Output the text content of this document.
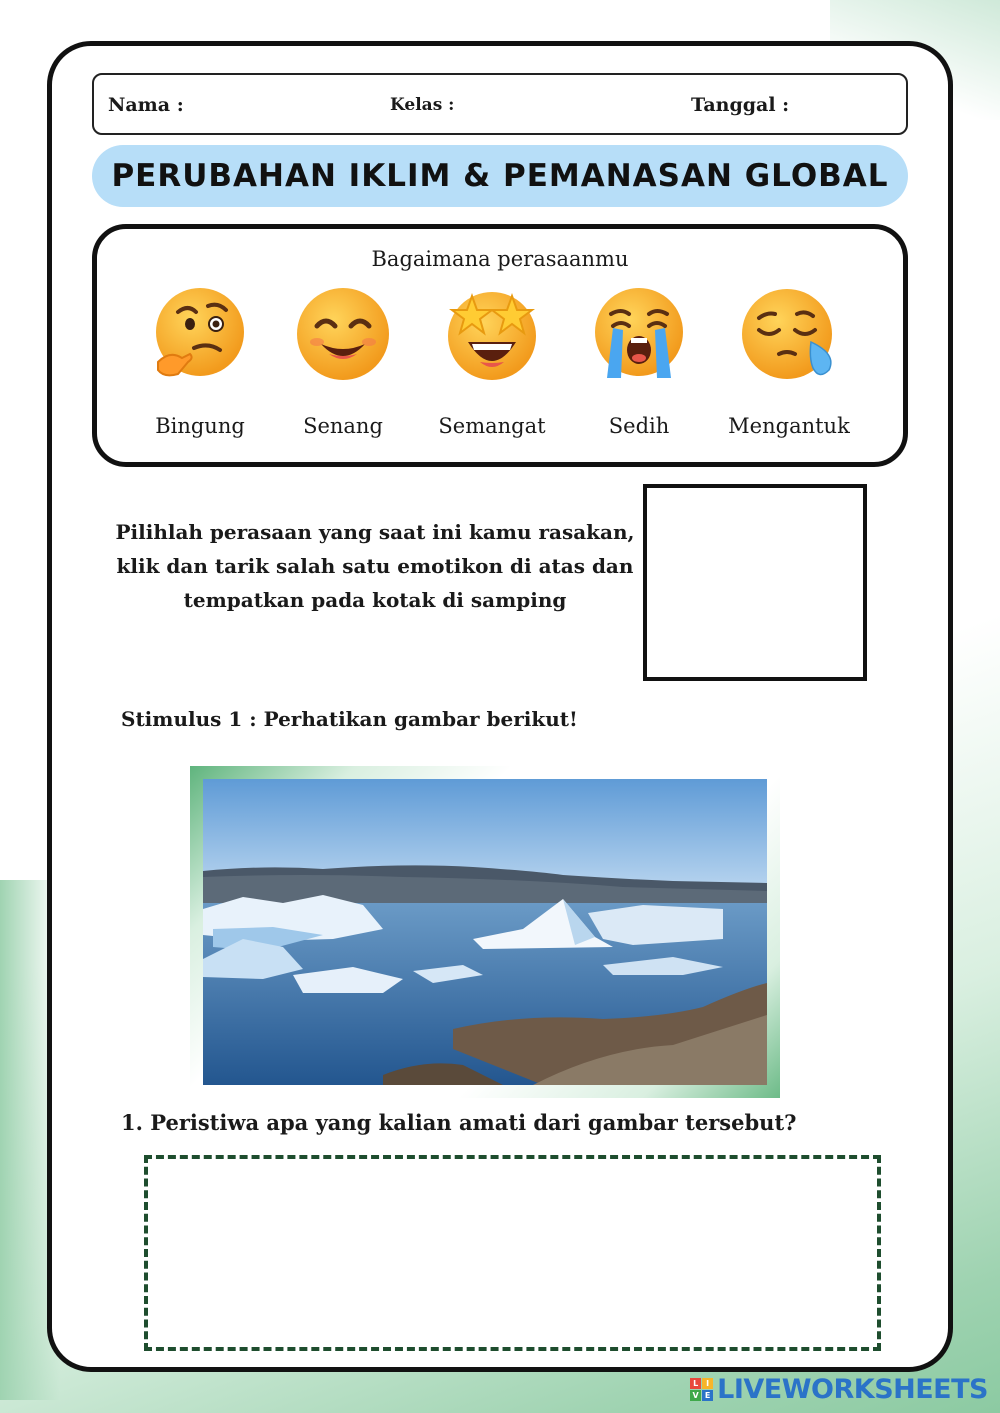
Nama :	Kelas :	Tanggal :
PERUBAHAN IKLIM & PEMANASAN GLOBAL
Bagaimana perasaanmu
Bingung	Senang	Semangat	Sedih	Mengantuk
Pilihlah perasaan yang saat ini kamu rasakan,
klik dan tarik salah satu emotikon di atas dan
tempatkan pada kotak di samping
Stimulus 1 : Perhatikan gambar berikut!
1. Peristiwa apa yang kalian amati dari gambar tersebut?
L I
V E LIVEWORKSHEETS
